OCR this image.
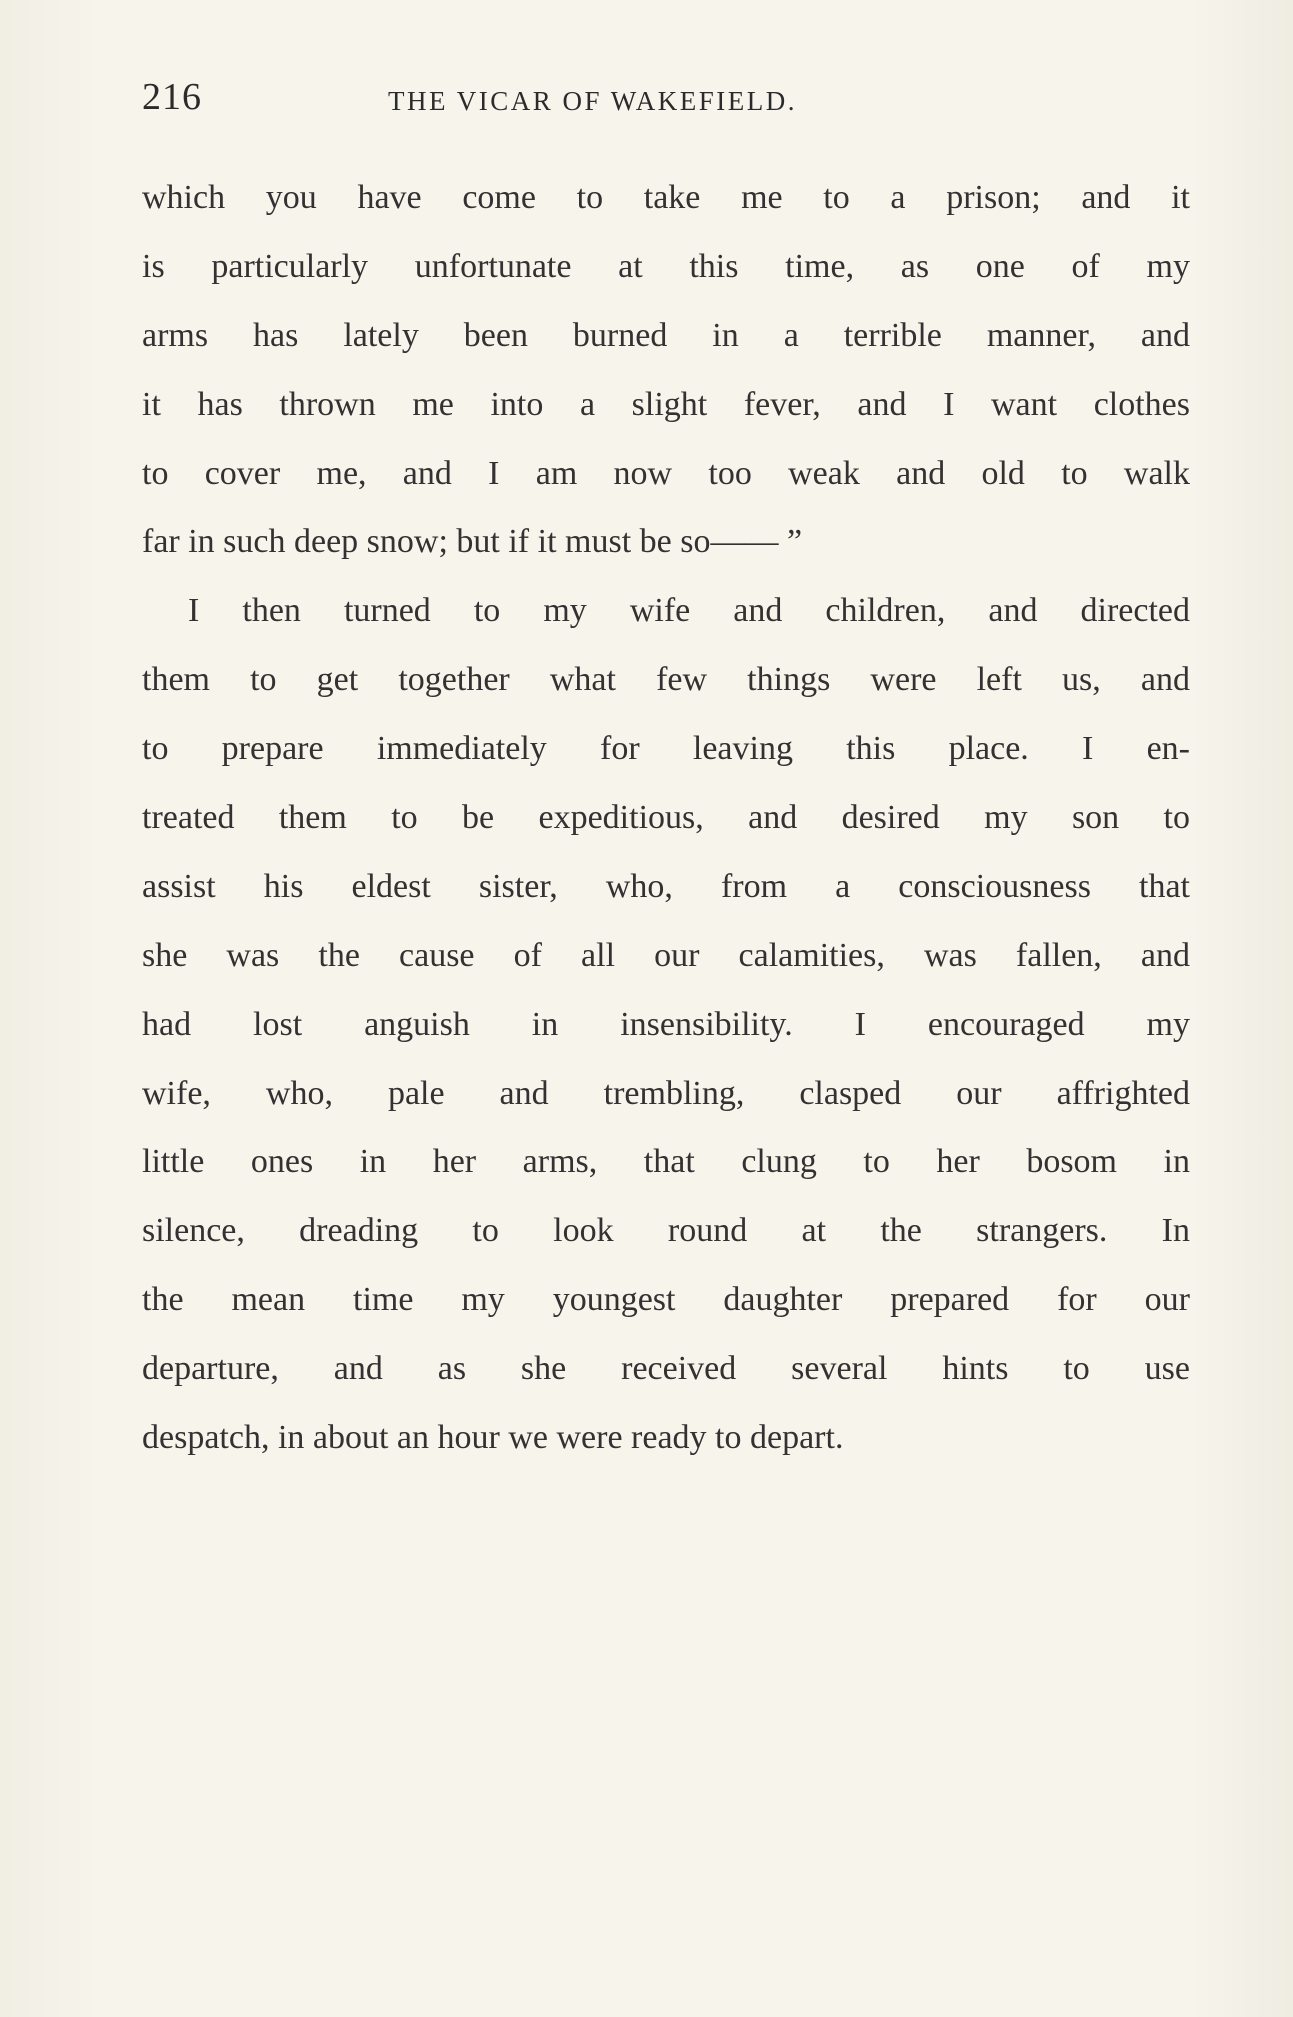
216	THE VICAR OF WAKEFIELD.
which you have come to take me to a prison; and it
is particularly unfortunate at this time, as one of my
arms has lately been burned in a terrible manner, and
it has thrown me into a slight fever, and I want clothes
to cover me, and I am now too weak and old to walk
far in such deep snow; but if it must be so—— ”
I then turned to my wife and children, and directed
them to get together what few things were left us, and
to prepare immediately for leaving this place. I en-
treated them to be expeditious, and desired my son to
assist his eldest sister, who, from a consciousness that
she was the cause of all our calamities, was fallen, and
had lost anguish in insensibility. I encouraged my
wife, who, pale and trembling, clasped our affrighted
little ones in her arms, that clung to her bosom in
silence, dreading to look round at the strangers. In
the mean time my youngest daughter prepared for our
departure, and as she received several hints to use
despatch, in about an hour we were ready to depart.
